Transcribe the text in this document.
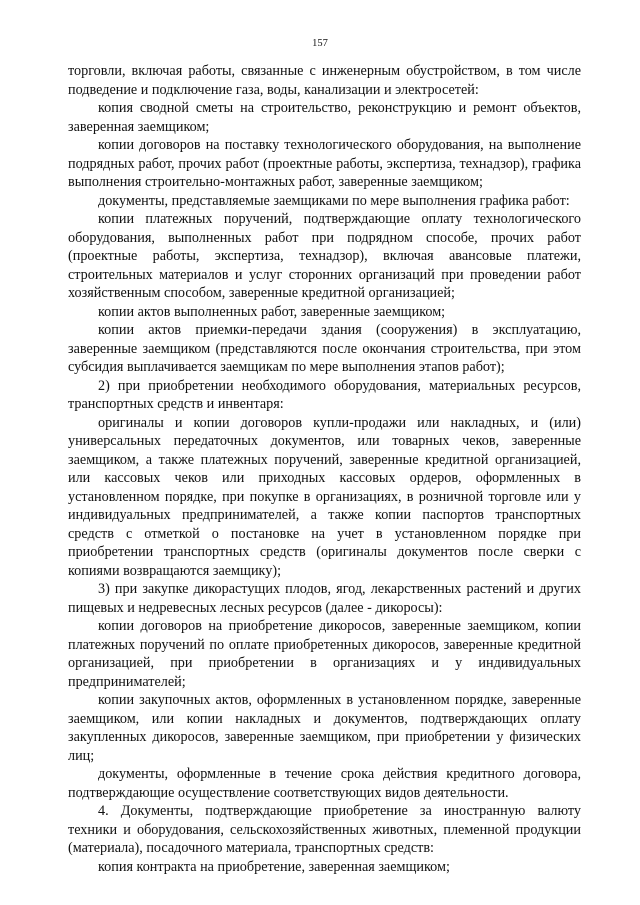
157

торговли, включая работы, связанные с инженерным обустройством, в том числе подведение и подключение газа, воды, канализации и электросетей:

копия сводной сметы на строительство, реконструкцию и ремонт объектов, заверенная заемщиком;

копии договоров на поставку технологического оборудования, на выполнение подрядных работ, прочих работ (проектные работы, экспертиза, технадзор), графика выполнения строительно-монтажных работ, заверенные заемщиком;

документы, представляемые заемщиками по мере выполнения графика работ:

копии платежных поручений, подтверждающие оплату технологического оборудования, выполненных работ при подрядном способе, прочих работ (проектные работы, экспертиза, технадзор), включая авансовые платежи, строительных материалов и услуг сторонних организаций при проведении работ хозяйственным способом, заверенные кредитной организацией;

копии актов выполненных работ, заверенные заемщиком;

копии актов приемки-передачи здания (сооружения) в эксплуатацию, заверенные заемщиком (представляются после окончания строительства, при этом субсидия выплачивается заемщикам по мере выполнения этапов работ);

2) при приобретении необходимого оборудования, материальных ресурсов, транспортных средств и инвентаря:

оригиналы и копии договоров купли-продажи или накладных, и (или) универсальных передаточных документов, или товарных чеков, заверенные заемщиком, а также платежных поручений, заверенные кредитной организацией, или кассовых чеков или приходных кассовых ордеров, оформленных в установленном порядке, при покупке в организациях, в розничной торговле или у индивидуальных предпринимателей, а также копии паспортов транспортных средств с отметкой о постановке на учет в установленном порядке при приобретении транспортных средств (оригиналы документов после сверки с копиями возвращаются заемщику);

3) при закупке дикорастущих плодов, ягод, лекарственных растений и других пищевых и недревесных лесных ресурсов (далее - дикоросы):

копии договоров на приобретение дикоросов, заверенные заемщиком, копии платежных поручений по оплате приобретенных дикоросов, заверенные кредитной организацией, при приобретении в организациях и у индивидуальных предпринимателей;

копии закупочных актов, оформленных в установленном порядке, заверенные заемщиком, или копии накладных и документов, подтверждающих оплату закупленных дикоросов, заверенные заемщиком, при приобретении у физических лиц;

документы, оформленные в течение срока действия кредитного договора, подтверждающие осуществление соответствующих видов деятельности.

4. Документы, подтверждающие приобретение за иностранную валюту техники и оборудования, сельскохозяйственных животных, племенной продукции (материала), посадочного материала, транспортных средств:

копия контракта на приобретение, заверенная заемщиком;
